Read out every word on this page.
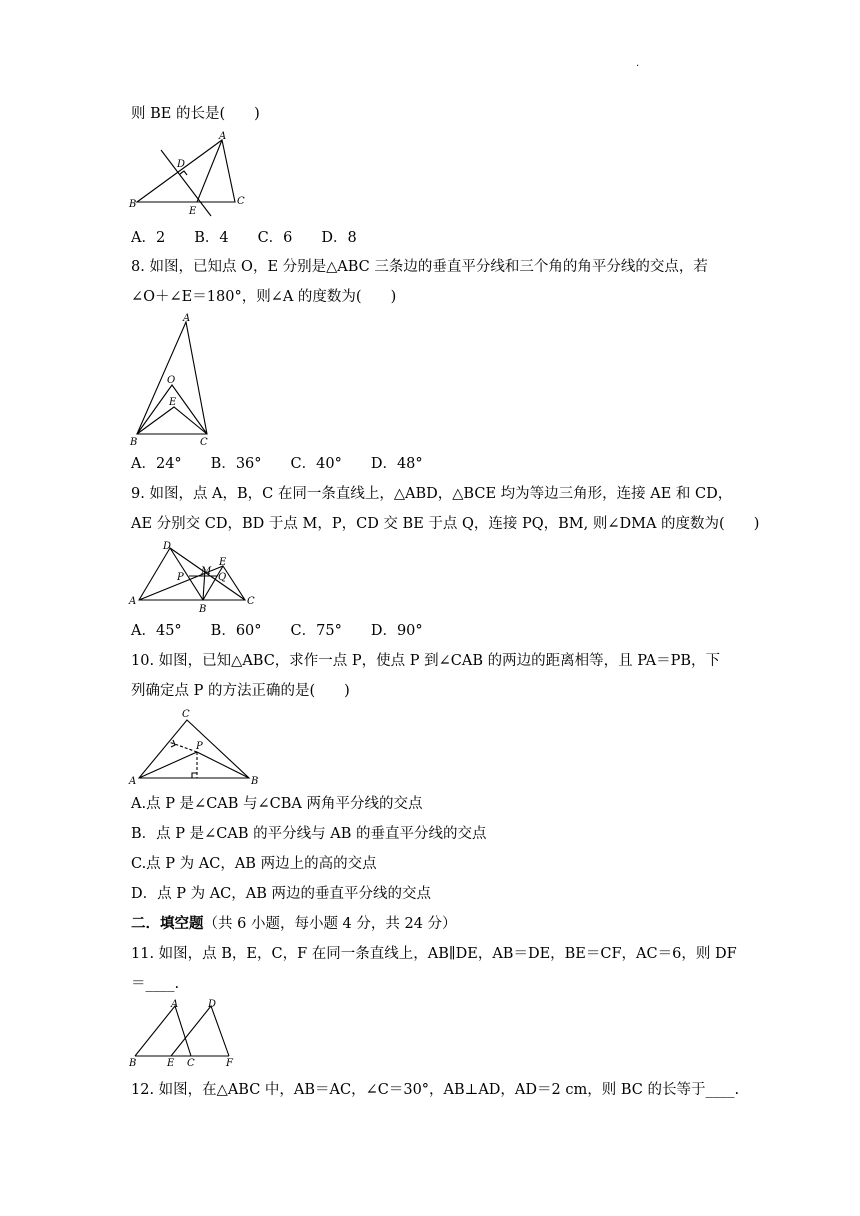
.
则 BE 的长是(　　)
A
D
B
E
C
A．2　　B．4　　C．6　　D．8
8. 如图，已知点 O，E 分别是△ABC 三条边的垂直平分线和三个角的角平分线的交点，若
∠O＋∠E＝180°，则∠A 的度数为(　　)
A
O
E
B	C
A．24°　　B．36°　　C．40°　　D．48°
9. 如图，点 A，B，C 在同一条直线上，△ABD，△BCE 均为等边三角形，连接 AE 和 CD，
AE 分别交 CD，BD 于点 M，P，CD 交 BE 于点 Q，连接 PQ，BM, 则∠DMA 的度数为(　　)
D
M
E
P	Q
A
B
C
A．45°　　B．60°　　C．75°　　D．90°
10. 如图，已知△ABC，求作一点 P，使点 P 到∠CAB 的两边的距离相等，且 PA＝PB，下
列确定点 P 的方法正确的是(　　)
C
P
A	B
A.点 P 是∠CAB 与∠CBA 两角平分线的交点
B．点 P 是∠CAB 的平分线与 AB 的垂直平分线的交点
C.点 P 为 AC，AB 两边上的高的交点
D．点 P 为 AC，AB 两边的垂直平分线的交点
二．填空题（共 6 小题，每小题 4 分，共 24 分）
11. 如图，点 B，E，C，F 在同一条直线上，AB∥DE，AB＝DE，BE＝CF，AC＝6，则 DF
＝____.
A	D
B	E C	F
12. 如图，在△ABC 中，AB＝AC，∠C＝30°，AB⊥AD，AD＝2 cm，则 BC 的长等于____.
